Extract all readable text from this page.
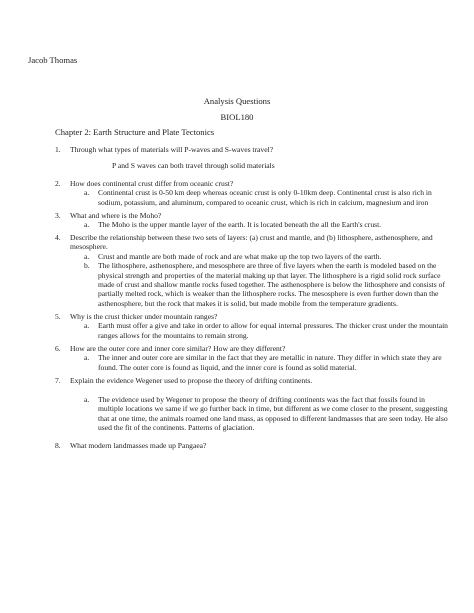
Jacob Thomas
Analysis Questions
BIOL180
Chapter 2: Earth Structure and Plate Tectonics
1. Through what types of materials will P-waves and S-waves travel?
P and S waves can both travel through solid materials
2. How does continental crust differ from oceanic crust?
a. Continental crust is 0-50 km deep whereas oceanic crust is only 0-10km deep. Continental crust is also rich in sodium, potassium, and aluminum, compared to oceanic crust, which is rich in calcium, magnesium and iron
3. What and where is the Moho?
a. The Moho is the upper mantle layer of the earth. It is located beneath the all the Earth's crust.
4. Describe the relationship between these two sets of layers: (a) crust and mantle, and (b) lithosphere, asthenosphere, and mesosphere.
a. Crust and mantle are both made of rock and are what make up the top two layers of the earth.
b. The lithosphere, asthenosphere, and mesosphere are three of five layers when the earth is modeled based on the physical strength and properties of the material making up that layer. The lithosphere is a rigid solid rock surface made of crust and shallow mantle rocks fused together. The asthenosphere is below the lithosphere and consists of partially melted rock, which is weaker than the lithosphere rocks. The mesosphere is even further down than the asthenosphere, but the rock that makes it is solid, but made mobile from the temperature gradients.
5. Why is the crust thicker under mountain ranges?
a. Earth must offer a give and take in order to allow for equal internal pressures. The thicker crust under the mountain ranges allows for the mountains to remain strong.
6. How are the outer core and inner core similar? How are they different?
a. The inner and outer core are similar in the fact that they are metallic in nature. They differ in which state they are found. The outer core is found as liquid, and the inner core is found as solid material.
7. Explain the evidence Wegener used to propose the theory of drifting continents.
a. The evidence used by Wegener to propose the theory of drifting continents was the fact that fossils found in multiple locations we same if we go further back in time, but different as we come closer to the present, suggesting that at one time, the animals roamed one land mass, as opposed to different landmasses that are seen today. He also used the fit of the continents. Patterns of glaciation.
8. What modern landmasses made up Pangaea?
